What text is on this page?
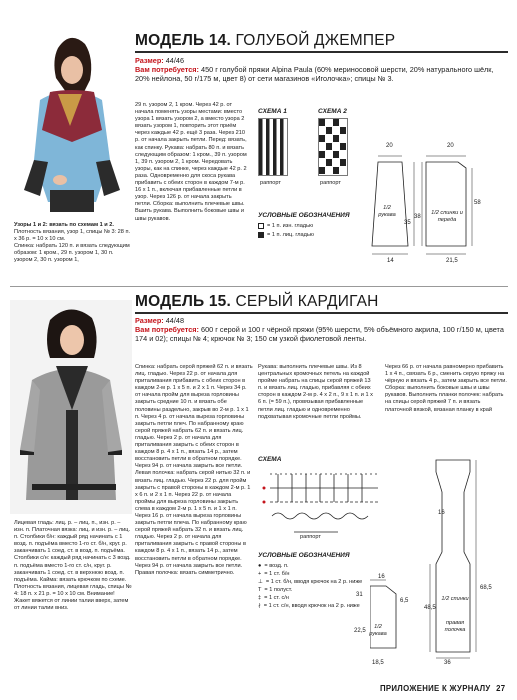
МОДЕЛЬ 14. ГОЛУБОЙ ДЖЕМПЕР
Размер: 44/46
Вам потребуется: 450 г голубой пряжи Alpina Paula (60% мериносовой шерсти, 20% натурального шёлк, 20% нейлона, 50 г/175 м, цвет 8) от сети магазинов «Иголочка»; спицы № 3.
Узоры 1 и 2: вязать по схемам 1 и 2.
Плотность вязания, узор 1, спицы № 3: 28 п. х 36 р. = 10 х 10 см.
Спинка: набрать 120 п. и вязать следующим образом: 1 кром., 29 п. узором 1, 30 п. узором 2, 30 п. узором 1,
29 п. узором 2, 1 кром. Через 42 р. от начала поменять узоры местами: вместо узора 1 вязать узором 2, а вместо узора 2 вязать узором 1, повторить этот приём через каждые 42 р. ещё 3 раза. Через 210 р. от начала закрыть петли. Перед: вязать, как спинку. Рукава: набрать 80 п. и вязать следующим образом: 1 кром., 39 п. узором 1, 39 п. узором 2, 1 кром. Чередовать узоры, как на спинке, через каждые 42 р. 2 раза. Одновременно для скоса рукава прибавить с обеих сторон в каждом 7-м р. 16 х 1 п., включая прибавленные петли в узор. Через 126 р. от начала закрыть петли. Сборка: выполнить плечевые швы. Вшить рукава. Выполнить боковые швы и швы рукавов.
СХЕМА 1	СХЕМА 2
раппорт	раппорт
УСЛОВНЫЕ ОБОЗНАЧЕНИЯ
= 1 п. изн. гладью
= 1 п. лиц. гладью
20	20
35
38
58
14	21,5
1/2 рукава	1/2 спинки и переда
МОДЕЛЬ 15. СЕРЫЙ КАРДИГАН
Размер: 44/48
Вам потребуется: 600 г серой и 100 г чёрной пряжи (95% шерсти, 5% объёмного акрила, 100 г/150 м, цвета 174 и 02); спицы № 4; крючок № 3; 150 см узкой фиолетовой ленты.
Лицевая гладь: лиц. р. – лиц. п., изн. р. – изн. п. Платочная вязка: лиц. и изн. р. – лиц. п. Столбики б/н: каждый ряд начинать с 1 возд. п. подъёма вместо 1-го ст. б/н, круг. р. заканчивать 1 соед. ст. в возд. п. подъёма. Столбики с/н: каждый ряд начинать с 3 возд. п. подъёма вместо 1-го ст. с/н, круг. р. заканчивать 1 соед. ст. в верхнюю возд. п. подъёма. Кайма: вязать крючком по схеме. Плотность вязания, лицевая гладь, спицы № 4: 18 п. х 21 р. = 10 х 10 см. Внимание! Жакет вяжется от линии талии вверх, затем от линии талии вниз.
Спинка: набрать серой пряжей 62 п. и вязать лиц. гладью. Через 22 р. от начала для приталивания прибавить с обеих сторон в каждом 2-м р. 1 х 5 п. и 2 х 1 п. Через 34 р. от начала пройм для выреза горловины закрыть средние 10 п. и вязать обе половины раздельно, закрыв во 2-м р. 1 х 1 п. Через 4 р. от начала выреза горловины закрыть петли плеч. По набранному краю серой пряжей набрать 62 п. и вязать лиц. гладью. Через 2 р. от начала для приталивания закрыть с обеих сторон в каждом 8 р. 4 х 1 п., вязать 14 р., затем восстановить петли в обратном порядке. Через 94 р. от начала закрыть все петли. Левая полочка: набрать серой нитью 32 п. и вязать лиц. гладью. Через 22 р. для пройм закрыть с правой стороны в каждом 2-м р. 1 х 6 п. и 2 х 1 п. Через 22 р. от начала проймы для выреза горловины закрыть слева в каждом 2-м р. 1 х 5 п. и 1 х 1 п. Через 16 р. от начала выреза горловины закрыть петли плеча. По набранному краю серой пряжей набрать 32 п. и вязать лиц. гладью. Через 2 р. от начала для приталивания закрыть с правой стороны в каждом 8 р. 4 х 1 п., вязать 14 р., затем восстановить петли в обратном порядке. Через 94 р. от начала закрыть все петли. Правая полочка: вязать симметрично.
Рукава: выполнить плечевые швы. Из 8 центральных кромочных петель на каждой пройме набрать на спицы серой пряжей 13 п. и вязать лиц. гладью, прибавляя с обеих сторон в каждом 2-м р. 4 х 2 п., 9 х 1 п. и 1 х 6 п. (= 59 п.), провязывая прибавленные петли лиц. гладью и одновременно подхватывая кромочные петли проймы.
Через 66 р. от начала равномерно прибавить 1 х 4 п., связать 6 р., сменить серую пряжу на чёрную и вязать 4 р., затем закрыть все петли. Сборка: выполнить боковые швы и швы рукавов. Выполнить планки полочек: набрать на спицы серой пряжей 7 п. и вязать платочной вязкой, вязаная планку в край
СХЕМА
раппорт
УСЛОВНЫЕ ОБОЗНАЧЕНИЯ
● = возд. п.
+ = 1 ст. б/н
⊥ = 1 ст. б/н, вводя крючок на 2 р. ниже
T = 1 полуст.
‡ = 1 ст. с/н
∤ = 1 ст. с/н, вводя крючок на 2 р. ниже
16
16
31
48,5
22,5
18,5
68,5
6,5
36
1/2 рукава
1/2 спинки
правая полочка
ПРИЛОЖЕНИЕ К ЖУРНАЛУ 27
